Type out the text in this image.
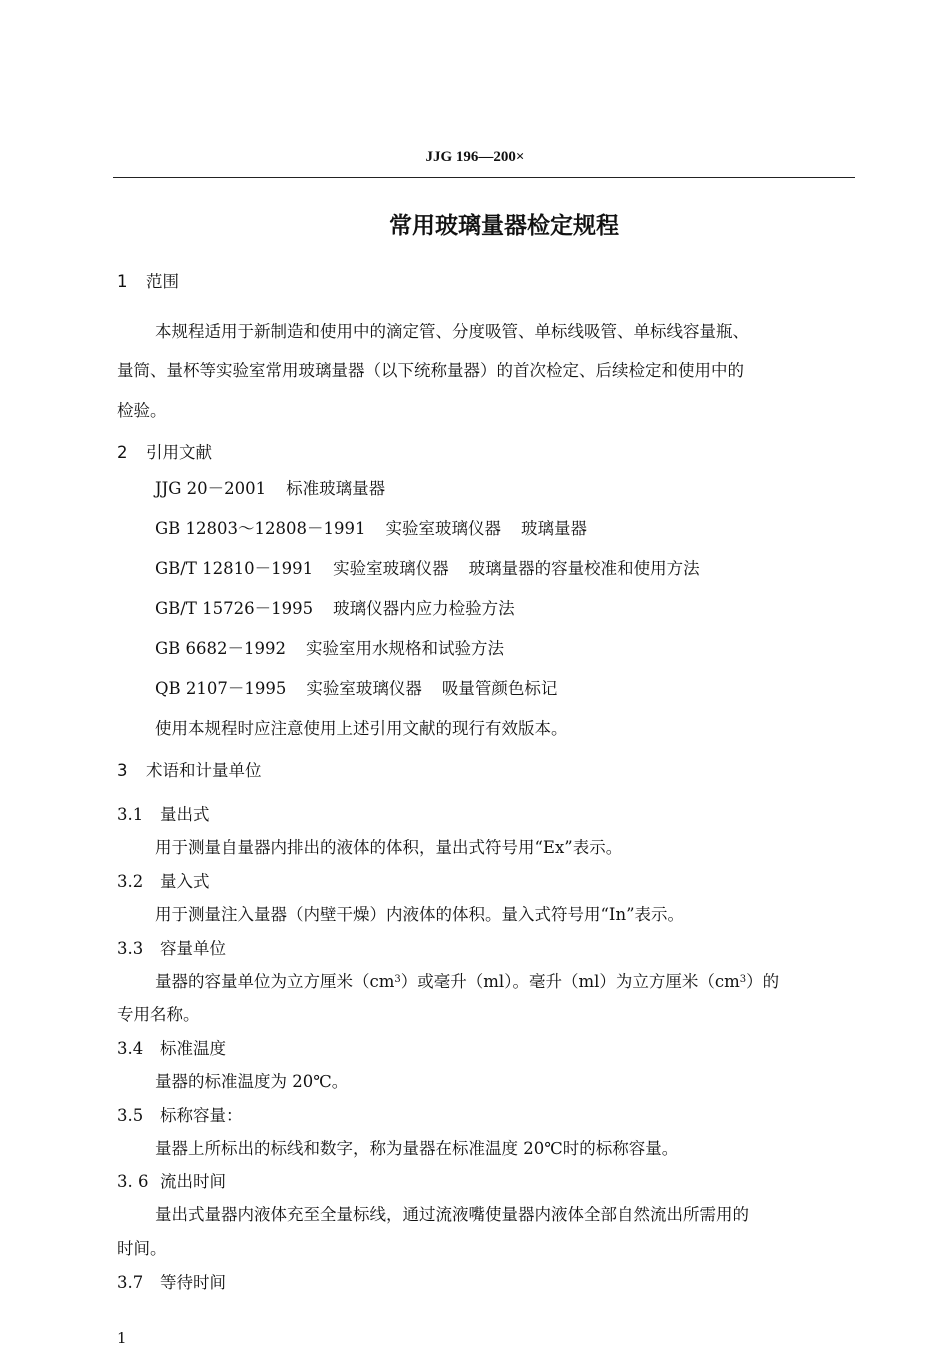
JJG 196—200×
常用玻璃量器检定规程
1 范围
本规程适用于新制造和使用中的滴定管、分度吸管、单标线吸管、单标线容量瓶、
量筒、量杯等实验室常用玻璃量器（以下统称量器）的首次检定、后续检定和使用中的
检验。
2 引用文献
JJG 20－2001 标准玻璃量器
GB 12803～12808－1991 实验室玻璃仪器 玻璃量器
GB/T 12810－1991 实验室玻璃仪器 玻璃量器的容量校准和使用方法
GB/T 15726－1995 玻璃仪器内应力检验方法
GB 6682－1992 实验室用水规格和试验方法
QB 2107－1995 实验室玻璃仪器 吸量管颜色标记
使用本规程时应注意使用上述引用文献的现行有效版本。
3 术语和计量单位
3.1 量出式
用于测量自量器内排出的液体的体积，量出式符号用“Ex”表示。
3.2 量入式
用于测量注入量器（内壁干燥）内液体的体积。量入式符号用“In”表示。
3.3 容量单位
量器的容量单位为立方厘米$(cm^3)$或毫升（ml）。毫升（ml）为立方厘米$(cm^3)$的
专用名称。
3.4 标准温度
量器的标准温度为 20℃。
3.5 标称容量：
量器上所标出的标线和数字，称为量器在标准温度 20℃时的标称容量。
3. 6 流出时间
量出式量器内液体充至全量标线，通过流液嘴使量器内液体全部自然流出所需用的
时间。
3.7 等待时间
1
